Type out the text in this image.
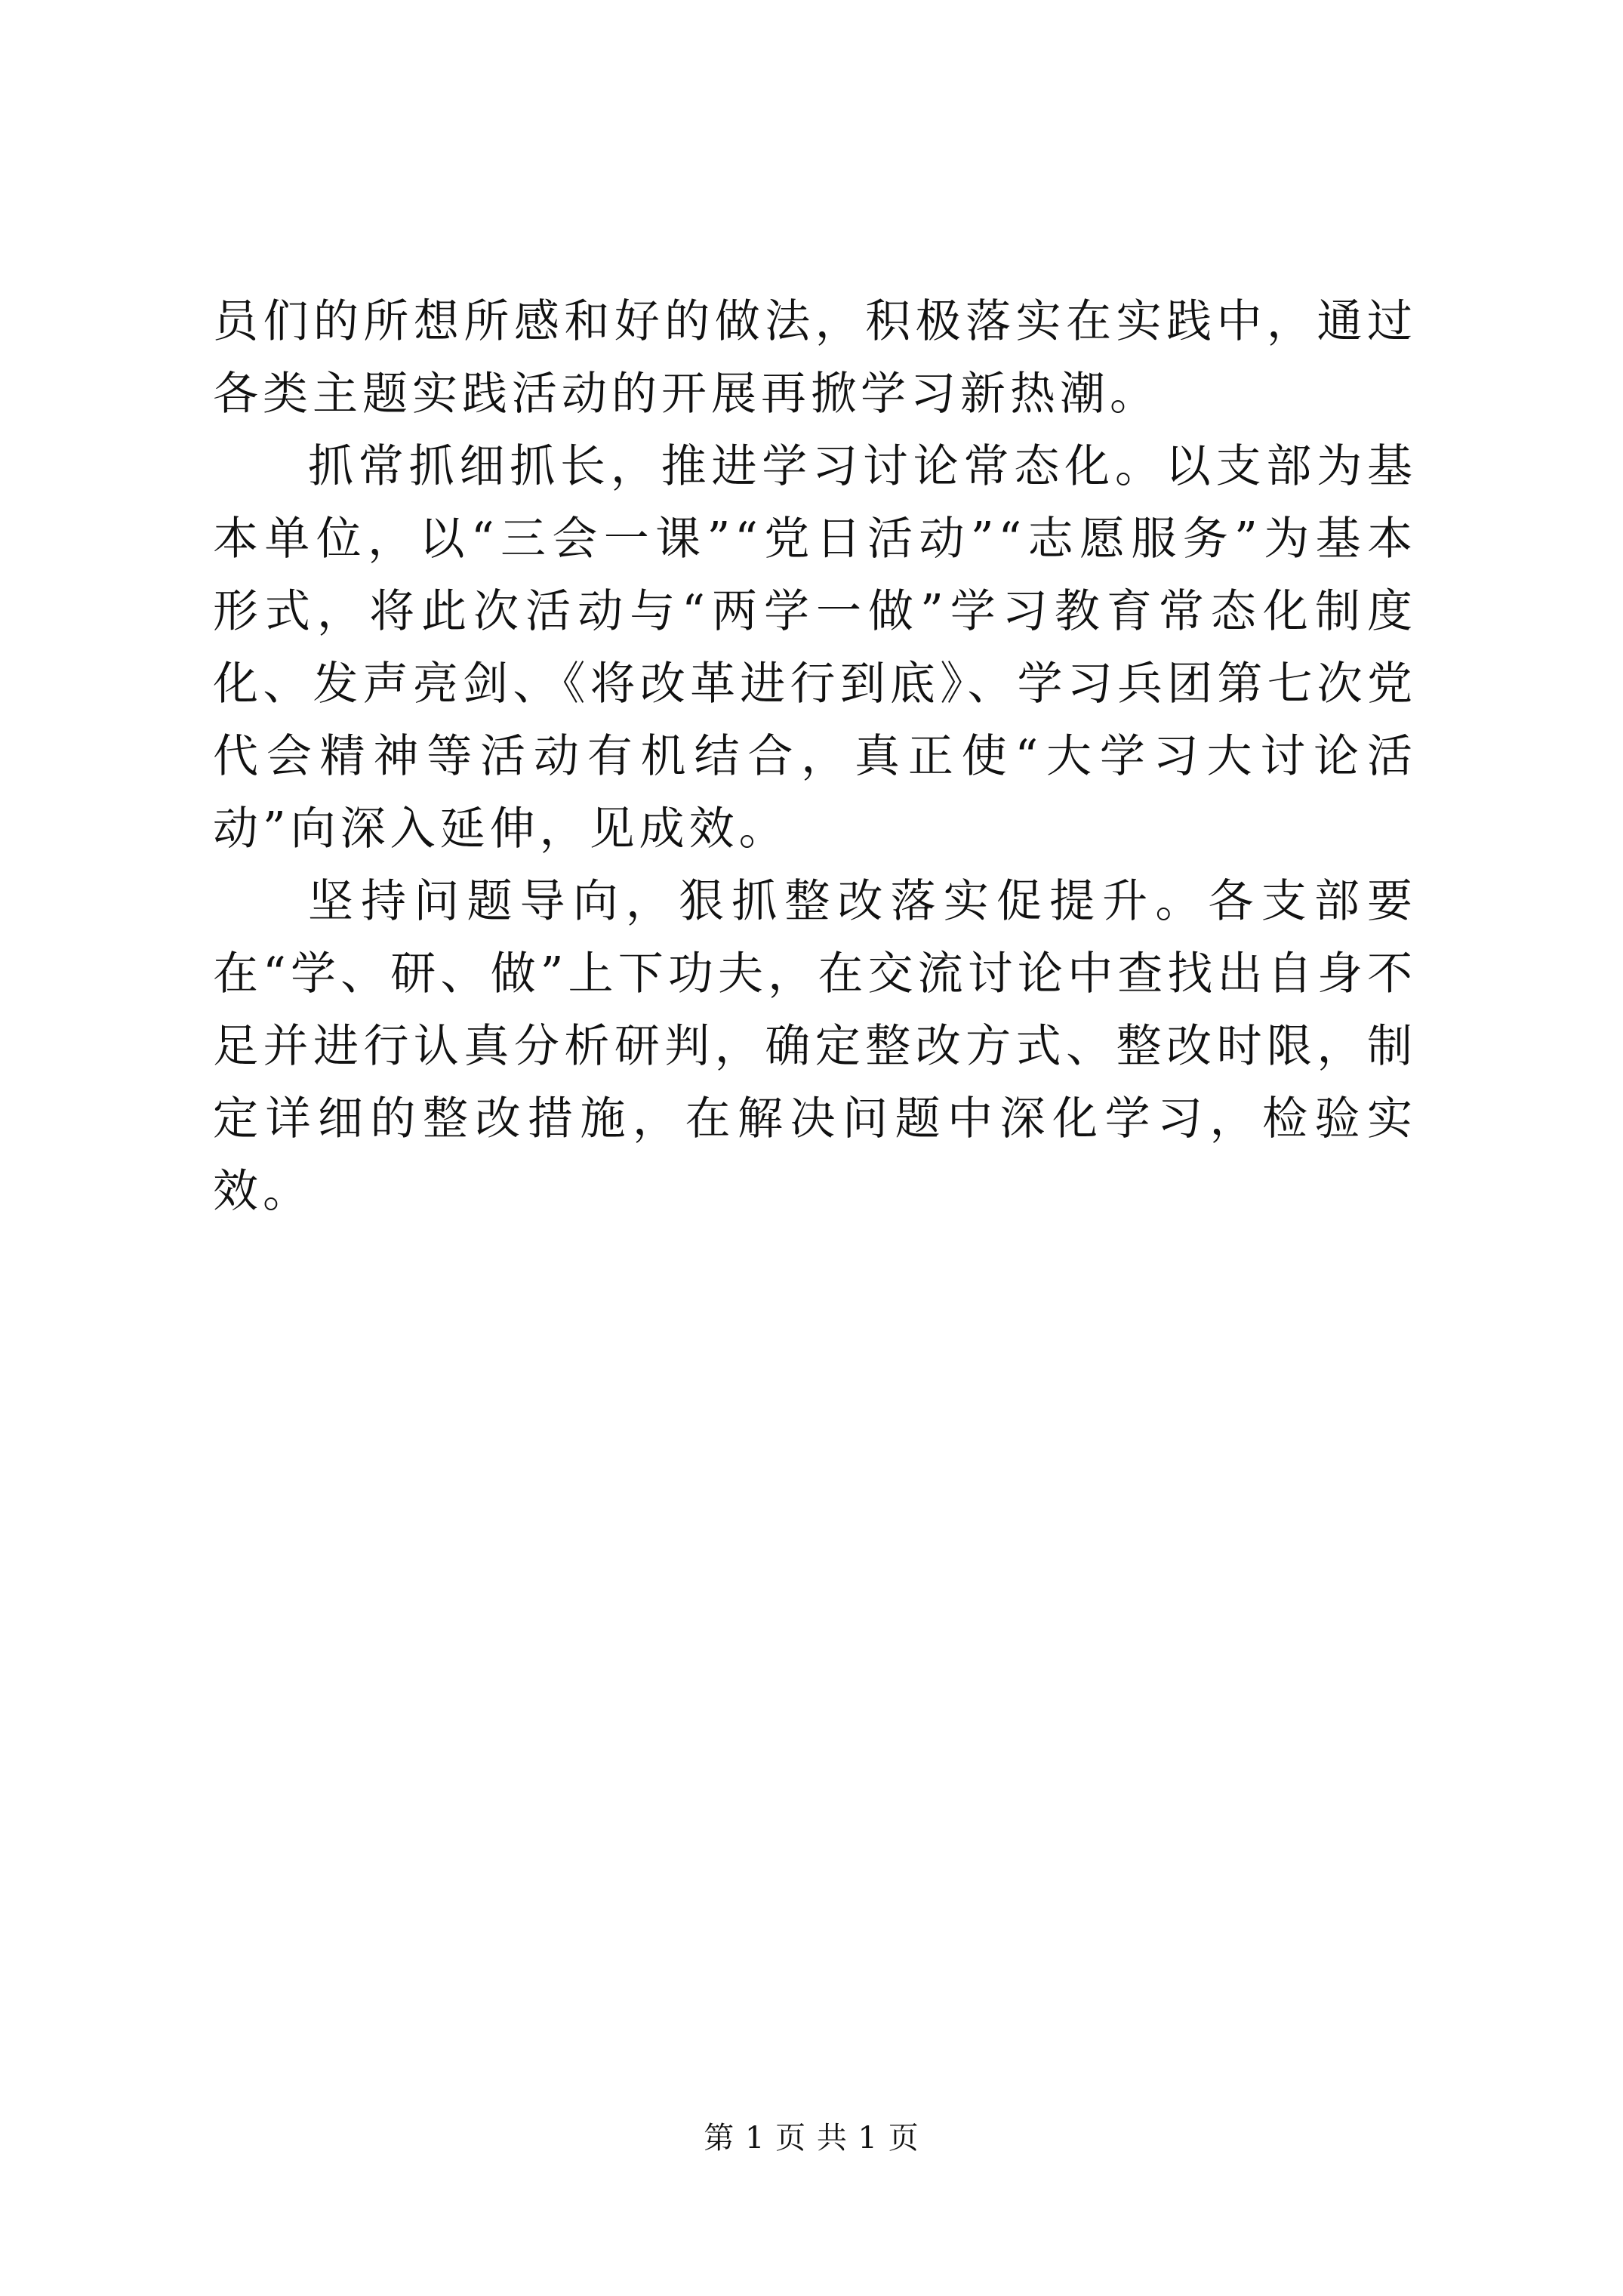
员们的所想所感和好的做法，积极落实在实践中，通过各类主题实践活动的开展再掀学习新热潮。

抓常抓细抓长，推进学习讨论常态化。以支部为基本单位，以“三会一课”“党日活动”“志愿服务”为基本形式，将此次活动与“两学一做”学习教育常态化制度化、发声亮剑、《将改革进行到底》、学习兵团第七次党代会精神等活动有机结合，真正使“大学习大讨论活动”向深入延伸，见成效。

坚持问题导向，狠抓整改落实促提升。各支部要在“学、研、做”上下功夫，在交流讨论中查找出自身不足并进行认真分析研判，确定整改方式、整改时限，制定详细的整改措施，在解决问题中深化学习，检验实效。

第 1 页 共 1 页
